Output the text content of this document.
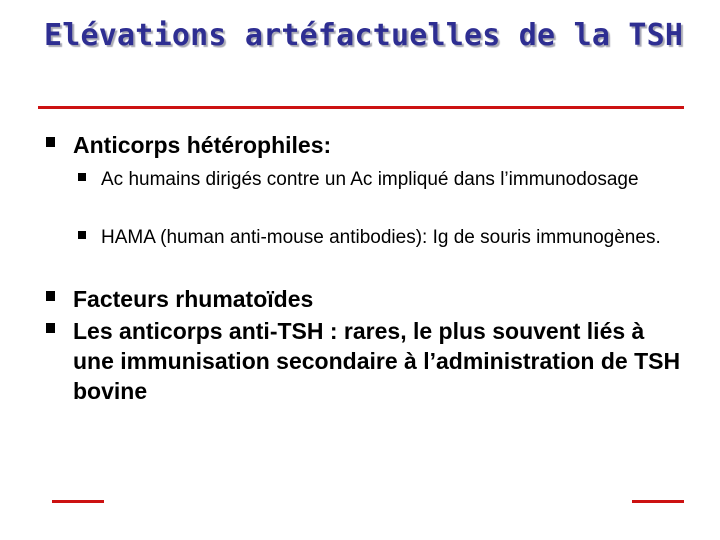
Elévations artéfactuelles de la TSH
Anticorps hétérophiles:
Ac humains dirigés contre un Ac impliqué dans l’immunodosage
HAMA (human anti-mouse antibodies): Ig de souris immunogènes.
Facteurs rhumatoïdes
Les anticorps anti-TSH : rares, le plus souvent liés à une immunisation secondaire à l’administration de TSH bovine
